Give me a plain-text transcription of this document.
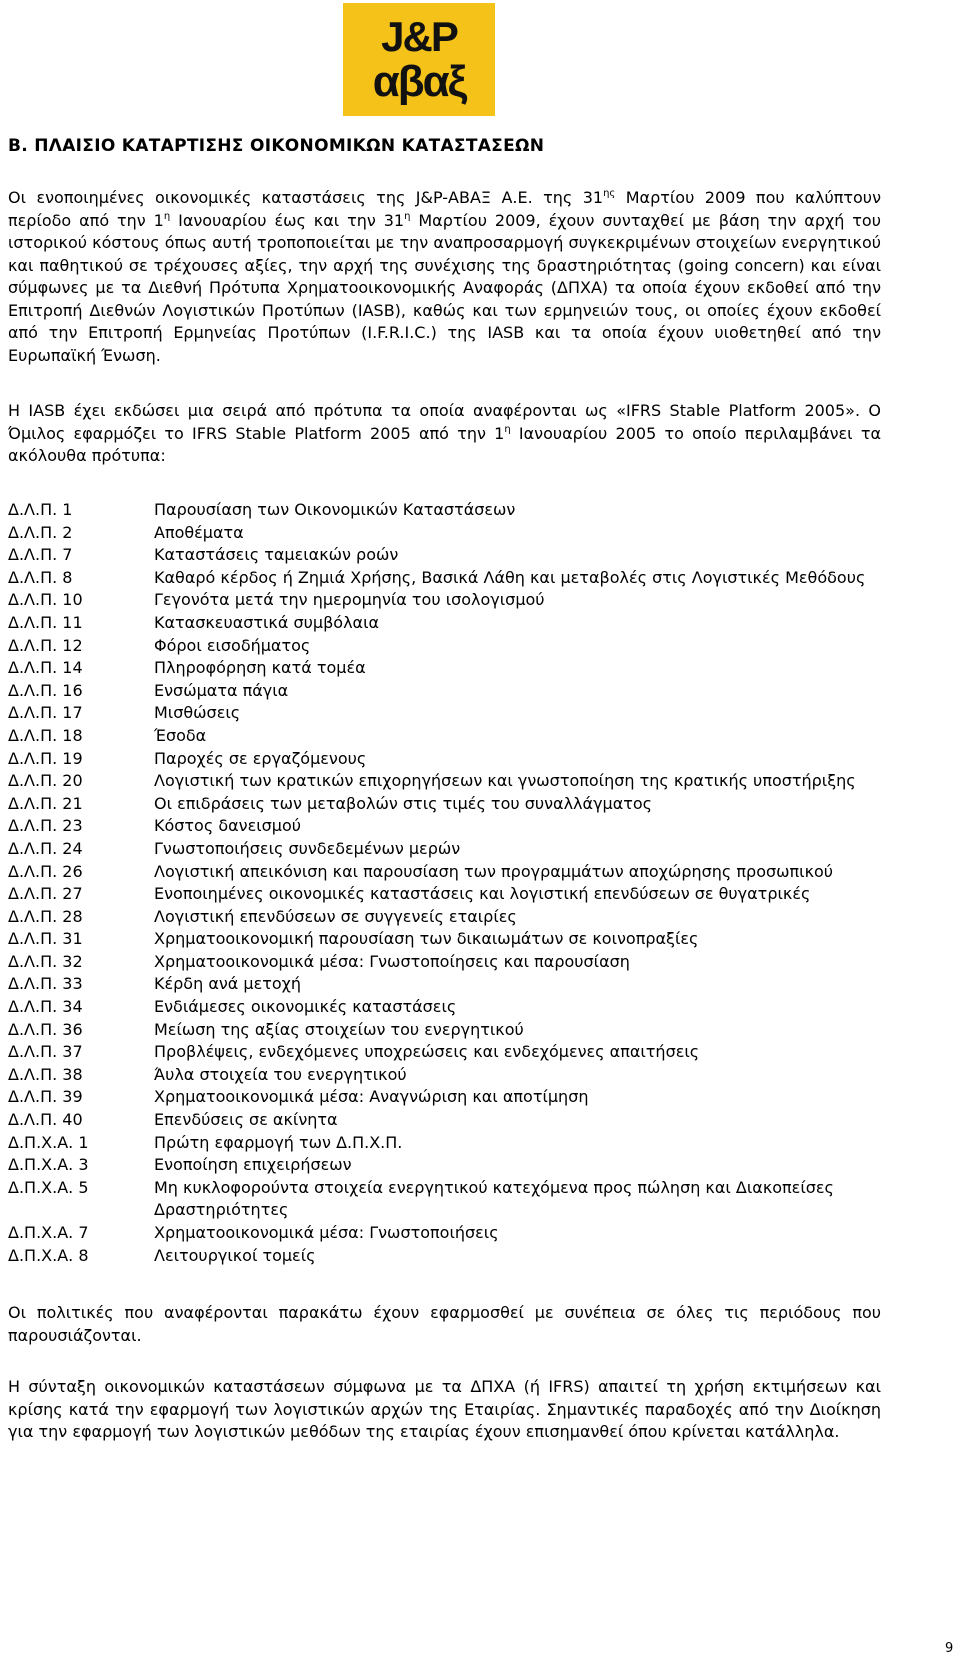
J&P
αβαξ
Β. ΠΛΑΙΣΙΟ ΚΑΤΑΡΤΙΣΗΣ ΟΙΚΟΝΟΜΙΚΩΝ ΚΑΤΑΣΤΑΣΕΩΝ

Οι ενοποιημένες οικονομικές καταστάσεις της J&P-ΑΒΑΞ Α.Ε. της $31^{\eta\varsigma}$ Μαρτίου 2009 που καλύπτουν περίοδο από την $1^\eta$ Ιανουαρίου έως και την $31^\eta$ Μαρτίου 2009, έχουν συνταχθεί με βάση την αρχή του ιστορικού κόστους όπως αυτή τροποποιείται με την αναπροσαρμογή συγκεκριμένων στοιχείων ενεργητικού και παθητικού σε τρέχουσες αξίες, την αρχή της συνέχισης της δραστηριότητας (going concern) και είναι σύμφωνες με τα Διεθνή Πρότυπα Χρηματοοικονομικής Αναφοράς (ΔΠΧΑ) τα οποία έχουν εκδοθεί από την Επιτροπή Διεθνών Λογιστικών Προτύπων (IASB), καθώς και των ερμηνειών τους, οι οποίες έχουν εκδοθεί από την Επιτροπή Ερμηνείας Προτύπων (I.F.R.I.C.) της IASB και τα οποία έχουν υιοθετηθεί από την Ευρωπαϊκή Ένωση.

Η IASB έχει εκδώσει μια σειρά από πρότυπα τα οποία αναφέρονται ως «IFRS Stable Platform 2005». Ο Όμιλος εφαρμόζει το IFRS Stable Platform 2005 από την $1^\eta$ Ιανουαρίου 2005 το οποίο περιλαμβάνει τα ακόλουθα πρότυπα:

Δ.Λ.Π. 1	Παρουσίαση των Οικονομικών Καταστάσεων
Δ.Λ.Π. 2	Αποθέματα
Δ.Λ.Π. 7	Καταστάσεις ταμειακών ροών
Δ.Λ.Π. 8	Καθαρό κέρδος ή Ζημιά Χρήσης, Βασικά Λάθη και μεταβολές στις Λογιστικές Μεθόδους
Δ.Λ.Π. 10	Γεγονότα μετά την ημερομηνία του ισολογισμού
Δ.Λ.Π. 11	Κατασκευαστικά συμβόλαια
Δ.Λ.Π. 12	Φόροι εισοδήματος
Δ.Λ.Π. 14	Πληροφόρηση κατά τομέα
Δ.Λ.Π. 16	Ενσώματα πάγια
Δ.Λ.Π. 17	Μισθώσεις
Δ.Λ.Π. 18	Έσοδα
Δ.Λ.Π. 19	Παροχές σε εργαζόμενους
Δ.Λ.Π. 20	Λογιστική των κρατικών επιχορηγήσεων και γνωστοποίηση της κρατικής υποστήριξης
Δ.Λ.Π. 21	Οι επιδράσεις των μεταβολών στις τιμές του συναλλάγματος
Δ.Λ.Π. 23	Κόστος δανεισμού
Δ.Λ.Π. 24	Γνωστοποιήσεις συνδεδεμένων μερών
Δ.Λ.Π. 26	Λογιστική απεικόνιση και παρουσίαση των προγραμμάτων αποχώρησης προσωπικού
Δ.Λ.Π. 27	Ενοποιημένες οικονομικές καταστάσεις και λογιστική επενδύσεων σε θυγατρικές
Δ.Λ.Π. 28	Λογιστική επενδύσεων σε συγγενείς εταιρίες
Δ.Λ.Π. 31	Χρηματοοικονομική παρουσίαση των δικαιωμάτων σε κοινοπραξίες
Δ.Λ.Π. 32	Χρηματοοικονομικά μέσα: Γνωστοποίησεις και παρουσίαση
Δ.Λ.Π. 33	Κέρδη ανά μετοχή
Δ.Λ.Π. 34	Ενδιάμεσες οικονομικές καταστάσεις
Δ.Λ.Π. 36	Μείωση της αξίας στοιχείων του ενεργητικού
Δ.Λ.Π. 37	Προβλέψεις, ενδεχόμενες υποχρεώσεις και ενδεχόμενες απαιτήσεις
Δ.Λ.Π. 38	Άυλα στοιχεία του ενεργητικού
Δ.Λ.Π. 39	Χρηματοοικονομικά μέσα: Αναγνώριση και αποτίμηση
Δ.Λ.Π. 40	Επενδύσεις σε ακίνητα
Δ.Π.Χ.Α. 1	Πρώτη εφαρμογή των Δ.Π.Χ.Π.
Δ.Π.Χ.Α. 3	Ενοποίηση επιχειρήσεων
Δ.Π.Χ.Α. 5	Μη κυκλοφορούντα στοιχεία ενεργητικού κατεχόμενα προς πώληση και Διακοπείσες Δραστηριότητες
Δ.Π.Χ.Α. 7	Χρηματοοικονομικά μέσα: Γνωστοποιήσεις
Δ.Π.Χ.Α. 8	Λειτουργικοί τομείς

Οι πολιτικές που αναφέρονται παρακάτω έχουν εφαρμοσθεί με συνέπεια σε όλες τις περιόδους που παρουσιάζονται.

Η σύνταξη οικονομικών καταστάσεων σύμφωνα με τα ΔΠΧΑ (ή IFRS) απαιτεί τη χρήση εκτιμήσεων και κρίσης κατά την εφαρμογή των λογιστικών αρχών της Εταιρίας. Σημαντικές παραδοχές από την Διοίκηση για την εφαρμογή των λογιστικών μεθόδων της εταιρίας έχουν επισημανθεί όπου κρίνεται κατάλληλα.

9
